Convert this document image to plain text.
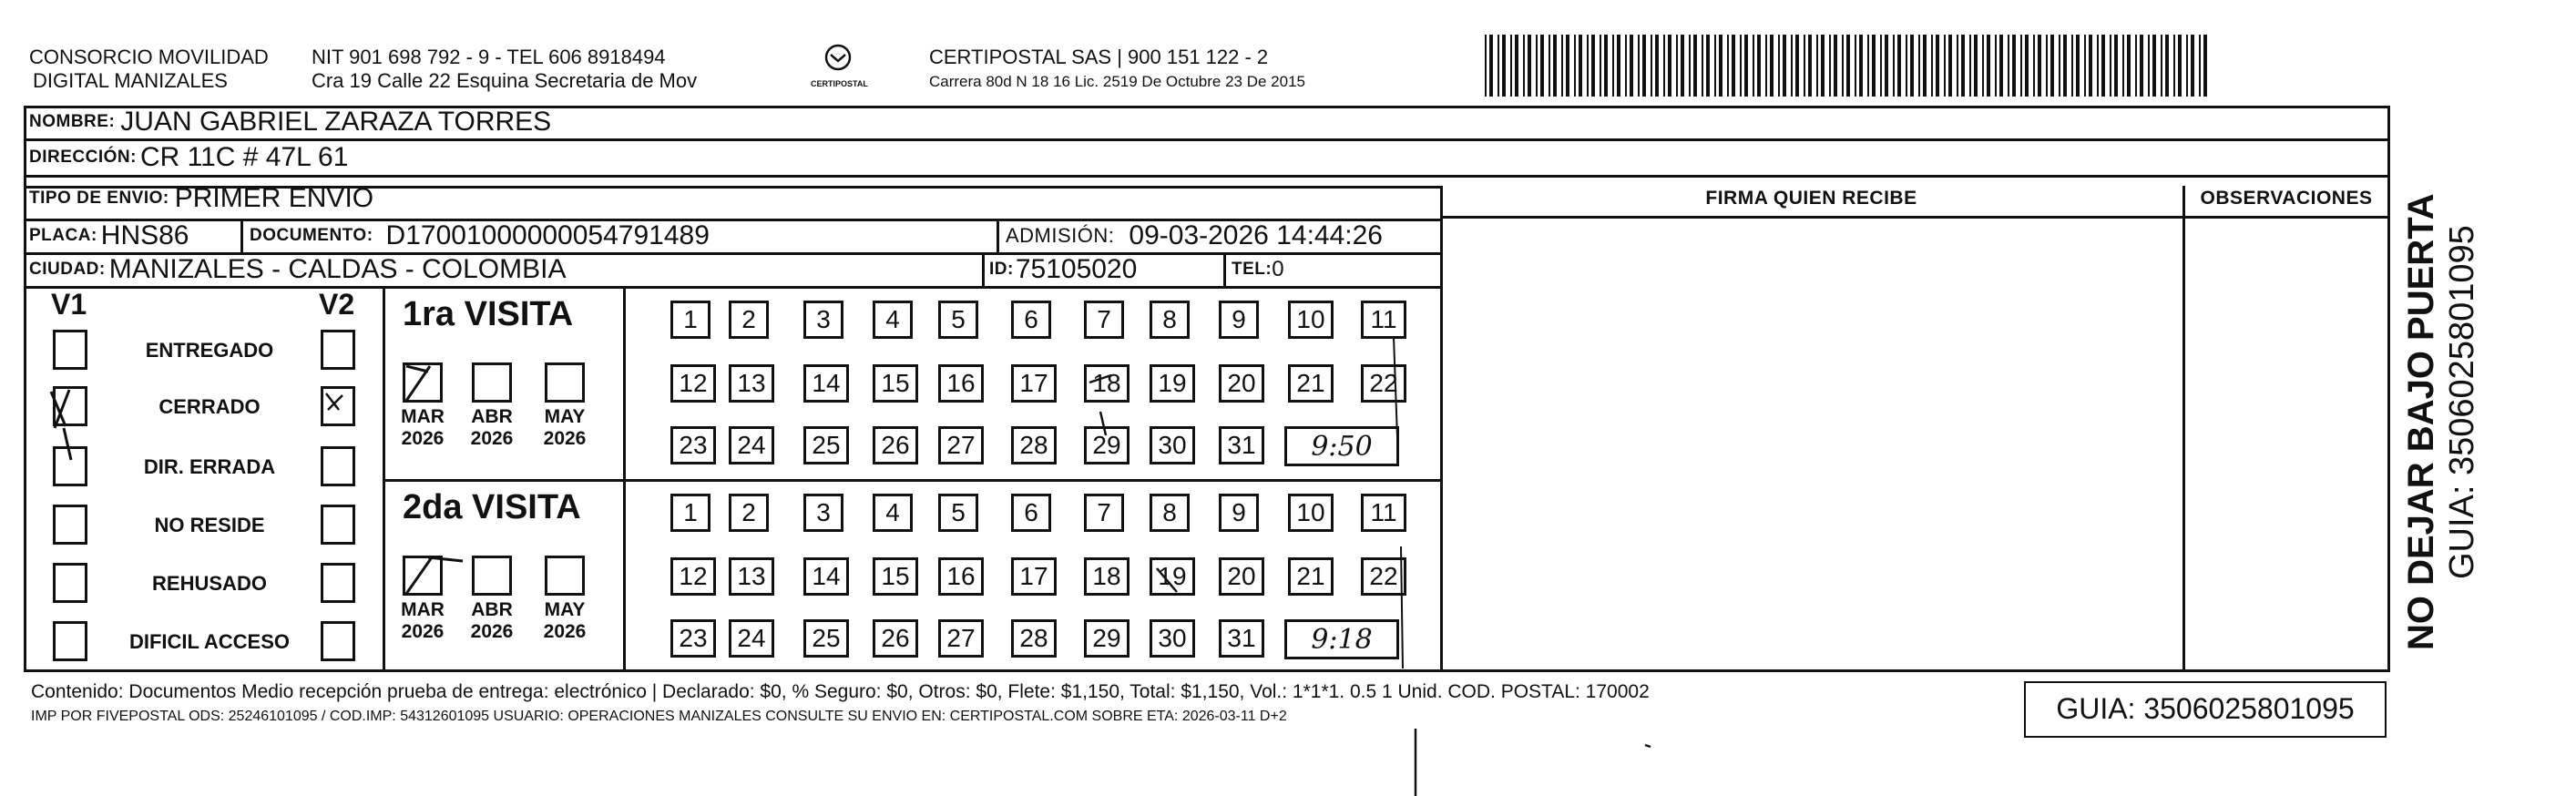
CONSORCIO MOVILIDAD
DIGITAL MANIZALES
NIT 901 698 792 - 9 - TEL 606 8918494
Cra 19 Calle 22 Esquina Secretaria de Mov	CERTIPOSTAL
CERTIPOSTAL SAS | 900 151 122 - 2
Carrera 80d N 18 16 Lic. 2519 De Octubre 23 De 2015
NOMBRE: JUAN GABRIEL ZARAZA TORRES
DIRECCIÓN: CR 11C # 47L 61
TIPO DE ENVIO: PRIMER ENVIO	FIRMA QUIEN RECIBE	OBSERVACIONES
PLACA: HNS86	DOCUMENTO: D17001000000054791489	ADMISIÓN: 09-03-2026 14:44:26
CIUDAD: MANIZALES - CALDAS - COLOMBIA	ID: 75105020	TEL: 0
V1	V2
ENTREGADO
CERRADO
DIR. ERRADA
NO RESIDE
REHUSADO
DIFICIL ACCESO
1ra VISITA
2da VISITA
MAR
2026
ABR
2026
MAY
2026
MAR
2026
ABR
2026
MAY
2026
1 2 3 4 5 6 7 8 9 10 11
12 13 14 15 16 17 18 19 20 21 22
23 24 25 26 27 28 29 30 31
1 2 3 4 5 6 7 8 9 10 11
12 13 14 15 16 17 18 19 20 21 22
23 24 25 26 27 28 29 30 31
9:50
9:18
Contenido: Documentos Medio recepción prueba de entrega: electrónico | Declarado: $0, % Seguro: $0, Otros: $0, Flete: $1,150, Total: $1,150, Vol.: 1*1*1. 0.5 1 Unid. COD. POSTAL: 170002
IMP POR FIVEPOSTAL ODS: 25246101095 / COD.IMP: 54312601095 USUARIO: OPERACIONES MANIZALES CONSULTE SU ENVIO EN: CERTIPOSTAL.COM SOBRE ETA: 2026-03-11 D+2	GUIA: 3506025801095
NO DEJAR BAJO PUERTA GUIA: 3506025801095
